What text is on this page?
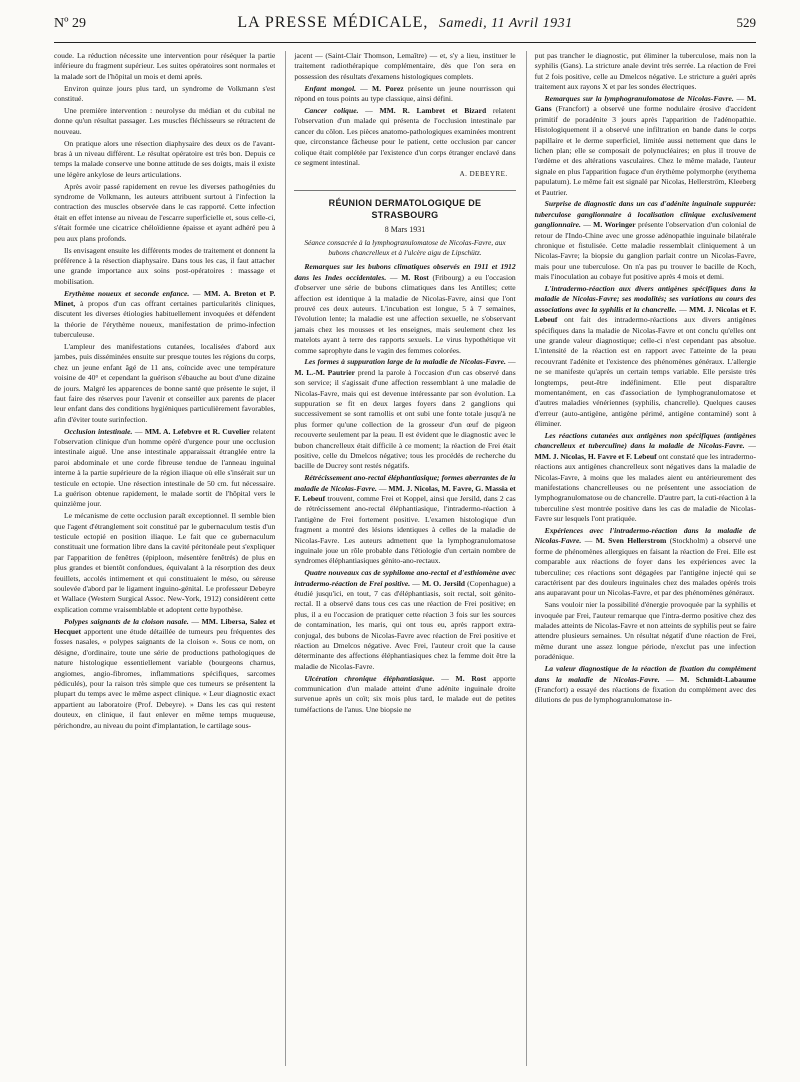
Nº 29	LA PRESSE MÉDICALE, Samedi, 11 Avril 1931	529

coude. La réduction nécessite une intervention pour réséquer la partie inférieure du fragment supérieur. Les suites opératoires sont normales et la malade sort de l'hôpital un mois et demi après.

Environ quinze jours plus tard, un syndrome de Volkmann s'est constitué.

Une première intervention : neurolyse du médian et du cubital ne donne qu'un résultat passager. Les muscles fléchisseurs se rétractent de nouveau.

On pratique alors une résection diaphysaire des deux os de l'avant-bras à un niveau différent. Le résultat opératoire est très bon. Depuis ce temps la malade conserve une bonne attitude de ses doigts, mais il existe une légère ankylose de leurs articulations.

Après avoir passé rapidement en revue les diverses pathogénies du syndrome de Volkmann, les auteurs attribuent surtout à l'infection la contraction des muscles observée dans le cas rapporté. Cette infection était en effet intense au niveau de l'escarre superficielle et, sous celle-ci, s'était formée une cicatrice chéloïdienne épaisse et ayant adhéré peu à peu aux plans profonds.

Ils envisagent ensuite les différents modes de traitement et donnent la préférence à la résection diaphysaire. Dans tous les cas, il faut attacher une grande importance aux soins post-opératoires : massage et mobilisation.

Erythème noueux et seconde enfance. — MM. A. Breton et P. Minet, à propos d'un cas offrant certaines particularités cliniques, discutent les diverses étiologies habituellement invoquées et défendent la théorie de l'érythème noueux, manifestation de primo-infection tuberculeuse.

L'ampleur des manifestations cutanées, localisées d'abord aux jambes, puis disséminées ensuite sur presque toutes les régions du corps, chez un jeune enfant âgé de 11 ans, coïncide avec une température voisine de 40° et cependant la guérison s'ébauche au bout d'une dizaine de jours. Malgré les apparences de bonne santé que présente le sujet, il faut faire des réserves pour l'avenir et conseiller aux parents de placer leur enfant dans des conditions hygiéniques particulièrement favorables, afin d'éviter toute surinfection.

Occlusion intestinale. — MM. A. Lefebvre et R. Cuvelier relatent l'observation clinique d'un homme opéré d'urgence pour une occlusion intestinale aiguë. Une anse intestinale apparaissait étranglée entre la paroi abdominale et une corde fibreuse tendue de l'anneau inguinal interne à la partie supérieure de la région iliaque où elle s'insérait sur un testicule en ectopie. Une résection intestinale de 50 cm. fut nécessaire. La guérison obtenue rapidement, le malade sortit de l'hôpital vers le quinzième jour.

Le mécanisme de cette occlusion paraît exceptionnel. Il semble bien que l'agent d'étranglement soit constitué par le gubernaculum testis d'un testicule ectopié en position iliaque. Le fait que ce gubernaculum constituait une formation libre dans la cavité péritonéale peut s'expliquer par l'apparition de fenêtres (épiploon, mésentère fenêtrés) de plus en plus grandes et bientôt confondues, équivalant à la résorption des deux feuillets, accolés intimement et qui constituaient le méso, ou séreuse soulevée d'abord par le ligament inguino-génital. Le professeur Debeyre et Wallace (Western Surgical Assoc. New-York, 1912) considèrent cette explication comme vraisemblable et adoptent cette hypothèse.

Polypes saignants de la cloison nasale. — MM. Libersa, Salez et Hecquet apportent une étude détaillée de tumeurs peu fréquentes des fosses nasales, « polypes saignants de la cloison ». Sous ce nom, on désigne, d'ordinaire, toute une série de productions pathologiques de nature histologique essentiellement variable (bourgeons charnus, angiomes, angio-fibromes, inflammations spécifiques, sarcomes pédiculés), pour la raison très simple que ces tumeurs se présentent la plupart du temps avec le même aspect clinique. « Leur diagnostic exact appartient au laboratoire (Prof. Debeyre). » Dans les cas qui restent douteux, en clinique, il faut enlever en même temps muqueuse, périchondre, au niveau du point d'implantation, le cartilage sous-

jacent — (Saint-Clair Thomson, Lemaître) — et, s'y a lieu, instituer le traitement radiothérapique complémentaire, dès que l'on sera en possession des résultats d'examens histologiques complets.

Enfant mongol. — M. Porez présente un jeune nourrisson qui répond en tous points au type classique, ainsi défini.

Cancer colique. — MM. R. Lambret et Bizard relatent l'observation d'un malade qui présenta de l'occlusion intestinale par cancer du côlon. Les pièces anatomo-pathologiques examinées montrent que, circonstance fâcheuse pour le patient, cette occlusion par cancer colique était complétée par l'existence d'un corps étranger enclavé dans ce segment intestinal.

A. DEBEYRE.
RÉUNION DERMATOLOGIQUE DE STRASBOURG
8 Mars 1931
Séance consacrée à la lymphogranulomatose de Nicolas-Favre, aux bubons chancrelleux et à l'ulcère aigu de Lipschütz.

Remarques sur les bubons climatiques observés en 1911 et 1912 dans les Indes occidentales. — M. Rost (Fribourg) a eu l'occasion d'observer une série de bubons climatiques dans les Antilles; cette affection est identique à la maladie de Nicolas-Favre, ainsi que l'ont prouvé ces deux auteurs. L'incubation est longue, 5 à 7 semaines, l'évolution lente; la maladie est une affection sexuelle, ne s'observant jamais chez les mousses et les enseignes, mais seulement chez les matelots ayant à terre des rapports sexuels. Le virus hypothétique vit comme saprophyte dans le vagin des femmes colorées.

Les formes à suppuration large de la maladie de Nicolas-Favre. — M. L.-M. Pautrier prend la parole à l'occasion d'un cas observé dans son service; il s'agissait d'une affection ressemblant à une maladie de Nicolas-Favre, mais qui est devenue intéressante par son évolution. La suppuration se fit en deux larges foyers dans 2 ganglions qui successivement se sont ramollis et ont subi une fonte totale jusqu'à ne plus former qu'une collection de la grosseur d'un œuf de pigeon recouverte seulement par la peau. Il est évident que le diagnostic avec le bubon chancrelleux était difficile à ce moment; la réaction de Frei était positive, celle du Dmelcos négative; tous les procédés de recherche du bacille de Ducrey sont restés négatifs.

Rétrécissement ano-rectal éléphantiasique; formes aberrantes de la maladie de Nicolas-Favre. — MM. J. Nicolas, M. Favre, G. Massia et F. Lebeuf trouvent, comme Frei et Koppel, ainsi que Jersild, dans 2 cas de rétrécissement ano-rectal éléphantiasique, l'intradermo-réaction à l'antigène de Frei fortement positive. L'examen histologique d'un fragment a montré des lésions identiques à celles de la maladie de Nicolas-Favre. Les auteurs admettent que la lymphogranulomatose inguinale joue un rôle probable dans l'étiologie d'un certain nombre de syndromes éléphantiasiques génito-ano-rectaux.

Quatre nouveaux cas de syphilome ano-rectal et d'esthiomène avec intradermo-réaction de Frei positive. — M. O. Jersild (Copenhague) a étudié jusqu'ici, en tout, 7 cas d'éléphantiasis, soit rectal, soit génito-rectal. Il a observé dans tous ces cas une réaction de Frei positive; en plus, il a eu l'occasion de pratiquer cette réaction 3 fois sur les sources de contamination, les maris, qui ont tous eu, après rapport extra-conjugal, des bubons de Nicolas-Favre avec réaction de Frei positive et réaction au Dmelcos négative. Avec Frei, l'auteur croit que la cause déterminante des affections éléphantiasiques chez la femme doit être la maladie de Nicolas-Favre.

Ulcération chronique éléphantiasique. — M. Rost apporte communication d'un malade atteint d'une adénite inguinale droite survenue après un coït; six mois plus tard, le malade eut de petites tuméfactions de l'anus. Une biopsie ne

put pas trancher le diagnostic, put éliminer la tuberculose, mais non la syphilis (Gans). La stricture anale devint très serrée. La réaction de Frei fut 2 fois positive, celle au Dmelcos négative. Le stricture a guéri après traitement aux rayons X et par les sondes électriques.

Remarques sur la lymphogranulomatose de Nicolas-Favre. — M. Gans (Francfort) a observé une forme nodulaire érosive d'accident primitif de poradénite 3 jours après l'apparition de l'adénopathie. Histologiquement il a observé une infiltration en bande dans le corps papillaire et le derme superficiel, limitée aussi nettement que dans le lichen plan; elle se composait de polynucléaires; en plus il trouve de l'œdème et des altérations vasculaires. Chez le même malade, l'auteur signale en plus l'apparition fugace d'un érythème polymorphe (erythema papulatum). Le même fait est signalé par Nicolas, Hellerström, Kleeberg et Pautrier.

Surprise de diagnostic dans un cas d'adénite inguinale suppurée: tuberculose ganglionnaire à localisation clinique exclusivement ganglionnaire. — M. Woringer présente l'observation d'un colonial de retour de l'Indo-Chine avec une grosse adénopathie inguinale bilatérale chronique et fistulisée. Cette maladie ressemblait cliniquement à un Nicolas-Favre; la biopsie du ganglion parlait contre un Nicolas-Favre, mais pour une tuberculose. On n'a pas pu trouver le bacille de Koch, mais l'inoculation au cobaye fut positive après 4 mois et demi.

L'intradermo-réaction aux divers antigènes spécifiques dans la maladie de Nicolas-Favre; ses modalités; ses variations au cours des associations avec la syphilis et la chancrelle. — MM. J. Nicolas et F. Lebeuf ont fait des intradermo-réactions aux divers antigènes spécifiques dans la maladie de Nicolas-Favre et ont conclu qu'elles ont une grande valeur diagnostique; celle-ci n'est cependant pas absolue. L'intensité de la réaction est en rapport avec l'atteinte de la peau recouvrant l'adénite et l'existence des phénomènes généraux. L'allergie ne se manifeste qu'après un certain temps variable. Elle persiste très longtemps, peut-être indéfiniment. Elle peut disparaître momentanément, en cas d'association de lymphogranulomatose et d'autres maladies vénériennes (syphilis, chancrelle). Quelques causes d'erreur (auto-antigène, antigène périmé, antigène contaminé) sont à éliminer.

Les réactions cutanées aux antigènes non spécifiques (antigènes chancrelleux et tuberculine) dans la maladie de Nicolas-Favre. — MM. J. Nicolas, H. Favre et F. Lebeuf ont constaté que les intradermo-réactions aux antigènes chancrelleux sont négatives dans la maladie de Nicolas-Favre, à moins que les malades aient eu antérieurement des manifestations chancrelleuses ou ne présentent une association de lymphogranulomatose ou de chancrelle. D'autre part, la cuti-réaction à la tuberculine s'est montrée positive dans les cas de maladie de Nicolas-Favre sur lesquels l'ont pratiquée.

Expériences avec l'intradermo-réaction dans la maladie de Nicolas-Favre. — M. Sven Hellerstrom (Stockholm) a observé une forme de phénomènes allergiques en faisant la réaction de Frei. Elle est comparable aux réactions de foyer dans les expériences avec la tuberculine; ces réactions sont dégagées par l'antigène injecté qui se caractérisent par des douleurs inguinales chez des malades opérés trois ans auparavant pour un Nicolas-Favre, et par des phénomènes généraux.

Sans vouloir nier la possibilité d'énergie provoquée par la syphilis et invoquée par Frei, l'auteur remarque que l'intra-dermo positive chez des malades atteints de Nicolas-Favre et non atteints de syphilis peut se faire attendre plusieurs semaines. Un résultat négatif d'une réaction de Frei, même durant une assez longue période, n'exclut pas une infection poradénique.

La valeur diagnostique de la réaction de fixation du complément dans la maladie de Nicolas-Favre. — M. Schmidt-Labaume (Francfort) a essayé des réactions de fixation du complément avec des dilutions de pus de lymphogranulomatose in-
